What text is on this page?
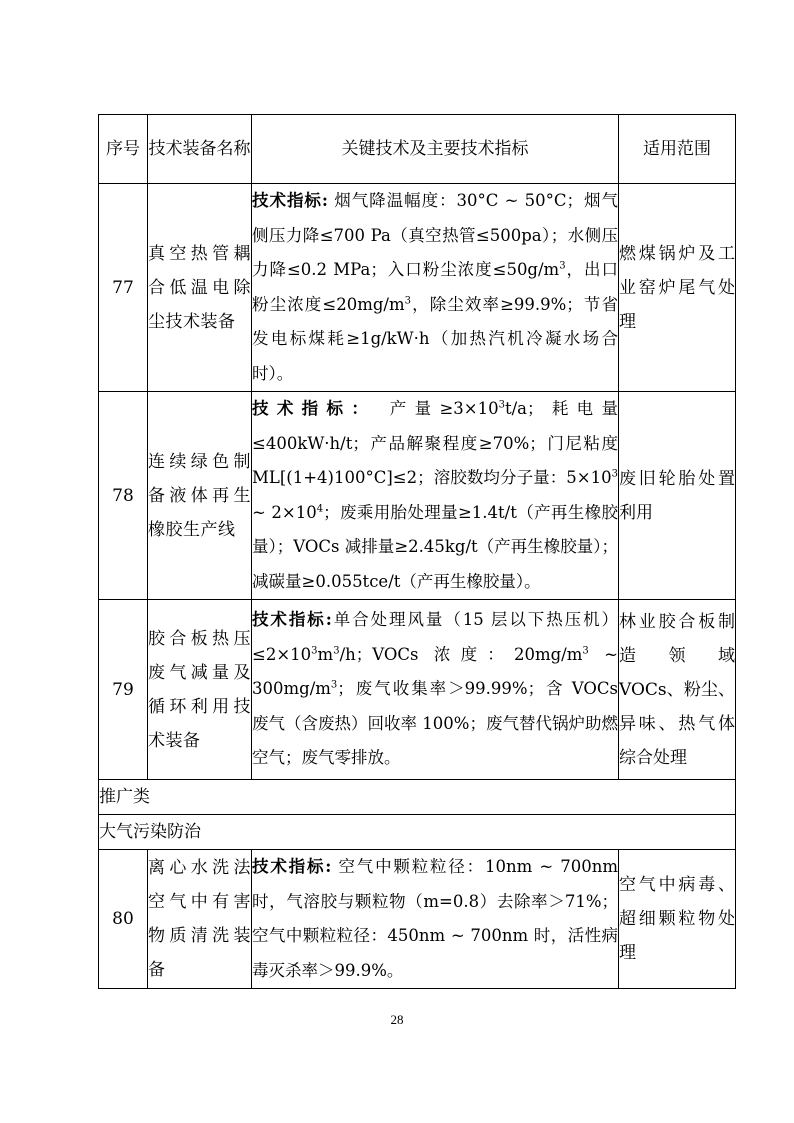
序号	技术装备名称	关键技术及主要技术指标	适用范围
77	真空热管耦合低温电除尘技术装备	技术指标: 烟气降温幅度：30°C ~ 50°C；烟气侧压力降≤700 Pa（真空热管≤500pa）；水侧压力降≤0.2 MPa；入口粉尘浓度$\le 50g/m^3$，出口粉尘浓度$\le 20mg/m^3$，除尘效率≥99.9%；节省发电标煤耗≥1g/kW·h（加热汽机冷凝水场合时）。	燃煤锅炉及工业窑炉尾气处理
78	连续绿色制备液体再生橡胶生产线	技术指标： 产量$\ge 3\times 10^3t/a$；耗电量≤400kW·h/t；产品解聚程度≥70%；门尼粘度ML[(1+4)100°C]≤2；溶胶数均分子量：$5\times 10^3$ ~ $2\times 10^4$；废乘用胎处理量≥1.4t/t（产再生橡胶量）；VOCs 减排量≥2.45kg/t（产再生橡胶量）；减碳量≥0.055tce/t（产再生橡胶量）。	废旧轮胎处置利用
79	胶合板热压废气减量及循环利用技术装备	技术指标:单合处理风量（15 层以下热压机）$\le 2\times 10^3m^3/h$；VOCs 浓度：$20mg/m^3$ ~ $300mg/m^3$；废气收集率＞99.99%；含 VOCs 废气（含废热）回收率 100%；废气替代锅炉助燃空气；废气零排放。	林业胶合板制造领域 VOCs、粉尘、异味、热气体综合处理
推广类			
大气污染防治			
80	离心水洗法空气中有害物质清洗装备	技术指标: 空气中颗粒粒径：10nm ~ 700nm 时，气溶胶与颗粒物（m=0.8）去除率＞71%；空气中颗粒粒径：450nm ~ 700nm 时，活性病毒灭杀率＞99.9%。	空气中病毒、超细颗粒物处理
28
